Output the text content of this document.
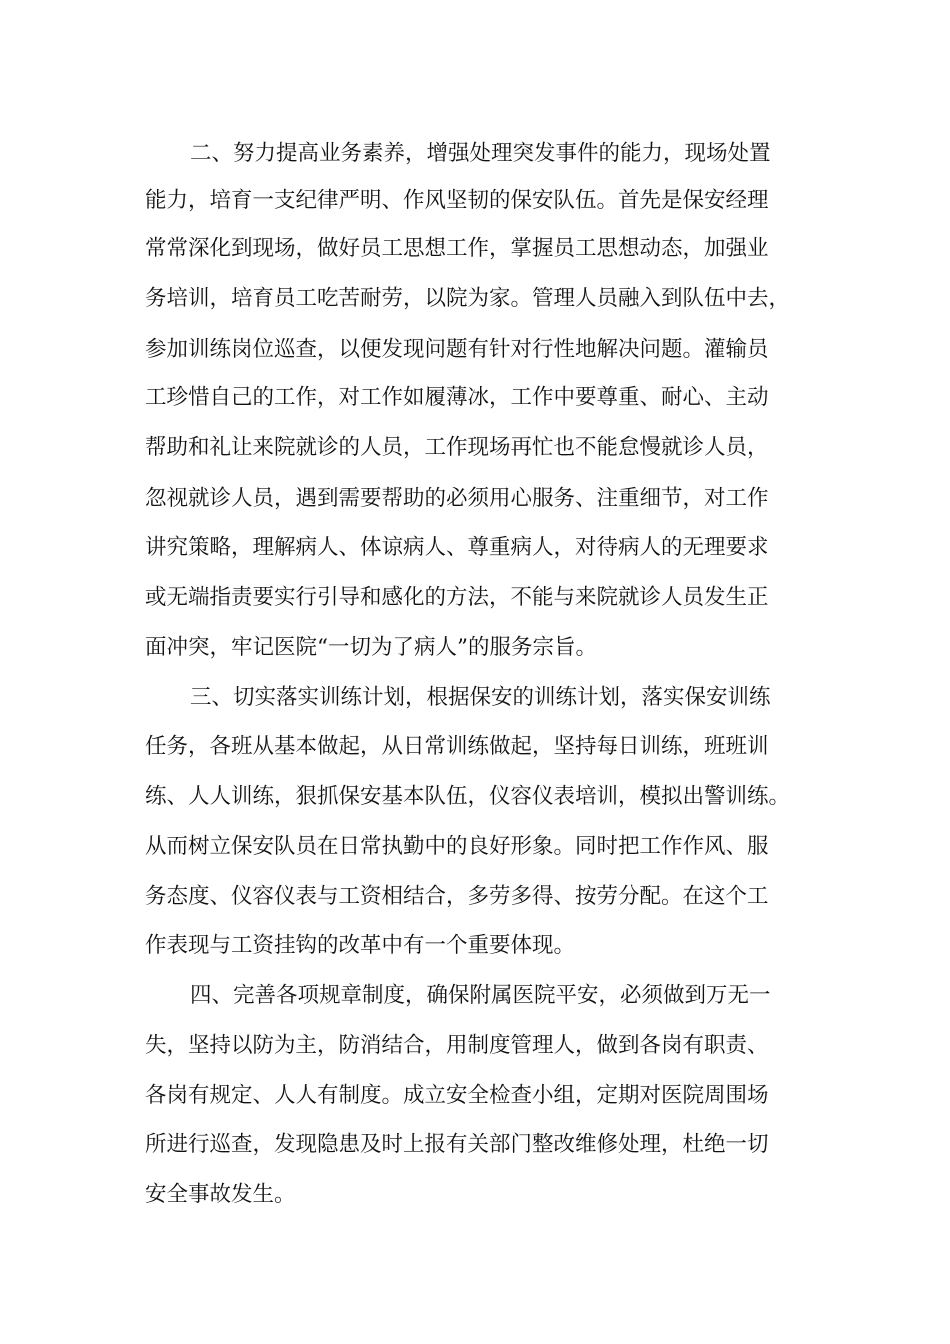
二、努力提高业务素养，增强处理突发事件的能力，现场处置
能力，培育一支纪律严明、作风坚韧的保安队伍。首先是保安经理
常常深化到现场，做好员工思想工作，掌握员工思想动态，加强业
务培训，培育员工吃苦耐劳，以院为家。管理人员融入到队伍中去，
参加训练岗位巡查，以便发现问题有针对行性地解决问题。灌输员
工珍惜自己的工作，对工作如履薄冰，工作中要尊重、耐心、主动
帮助和礼让来院就诊的人员，工作现场再忙也不能怠慢就诊人员，
忽视就诊人员，遇到需要帮助的必须用心服务、注重细节，对工作
讲究策略，理解病人、体谅病人、尊重病人，对待病人的无理要求
或无端指责要实行引导和感化的方法，不能与来院就诊人员发生正
面冲突，牢记医院“一切为了病人”的服务宗旨。
三、切实落实训练计划，根据保安的训练计划，落实保安训练
任务，各班从基本做起，从日常训练做起，坚持每日训练，班班训
练、人人训练，狠抓保安基本队伍，仪容仪表培训，模拟出警训练。
从而树立保安队员在日常执勤中的良好形象。同时把工作作风、服
务态度、仪容仪表与工资相结合，多劳多得、按劳分配。在这个工
作表现与工资挂钩的改革中有一个重要体现。
四、完善各项规章制度，确保附属医院平安，必须做到万无一
失，坚持以防为主，防消结合，用制度管理人，做到各岗有职责、
各岗有规定、人人有制度。成立安全检查小组，定期对医院周围场
所进行巡查，发现隐患及时上报有关部门整改维修处理，杜绝一切
安全事故发生。
